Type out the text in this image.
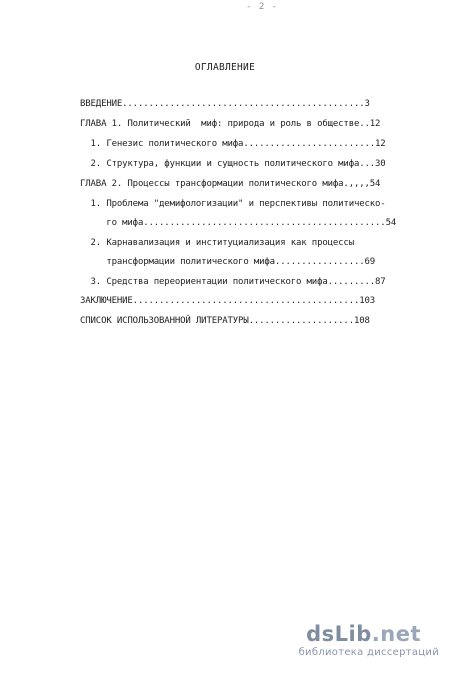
- 2 -
ОГЛАВЛЕНИЕ
ВВЕДЕНИЕ..............................................3
ГЛАВА 1. Политический  миф: природа и роль в обществе..12
1. Генезис политического мифа.........................12
2. Структура, функции и сущность политического мифа...30
ГЛАВА 2. Процессы трансформации политического мифа.,,,,54
1. Проблема "демифологизации" и перспективы политическо-
го мифа..............................................54
2. Карнавализация и институциализация как процессы
трансформации политического мифа.................69
3. Средства переориентации политического мифа.........87
ЗАКЛЮЧЕНИЕ...........................................103
СПИСОК ИСПОЛЬЗОВАННОЙ ЛИТЕРАТУРЫ....................108
dsLib.net
библиотека диссертаций
